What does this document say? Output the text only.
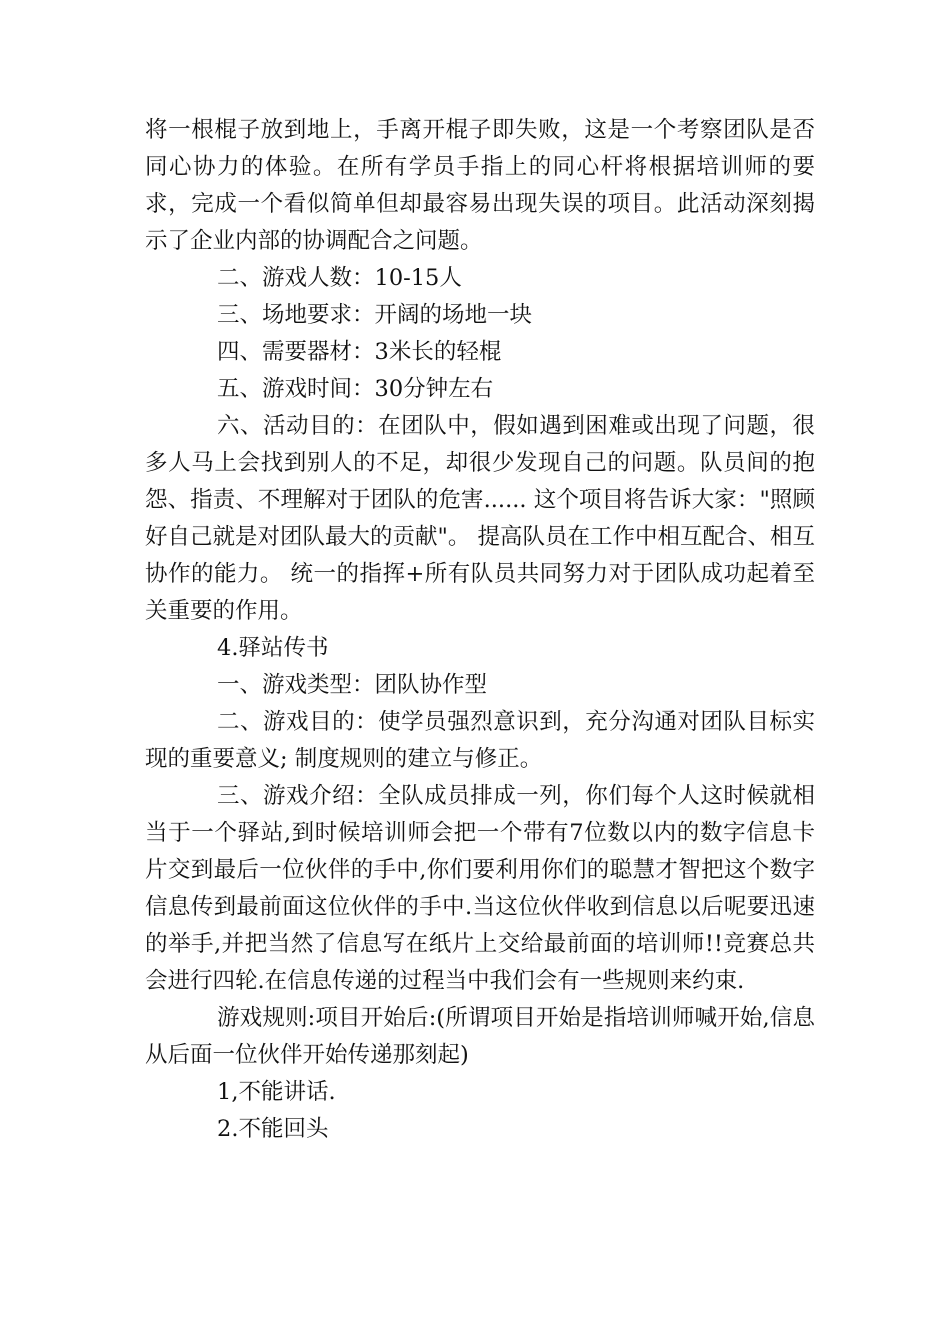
将一根棍子放到地上，手离开棍子即失败，这是一个考察团队是否同心协力的体验。在所有学员手指上的同心杆将根据培训师的要求，完成一个看似简单但却最容易出现失误的项目。此活动深刻揭示了企业内部的协调配合之问题。

二、游戏人数：10-15人

三、场地要求：开阔的场地一块

四、需要器材：3米长的轻棍

五、游戏时间：30分钟左右

六、活动目的：在团队中，假如遇到困难或出现了问题，很多人马上会找到别人的不足，却很少发现自己的问题。队员间的抱怨、指责、不理解对于团队的危害...... 这个项目将告诉大家："照顾好自己就是对团队最大的贡献"。 提高队员在工作中相互配合、相互协作的能力。 统一的指挥+所有队员共同努力对于团队成功起着至关重要的作用。

4.驿站传书

一、游戏类型：团队协作型

二、游戏目的：使学员强烈意识到，充分沟通对团队目标实现的重要意义; 制度规则的建立与修正。

三、游戏介绍：全队成员排成一列，你们每个人这时候就相当于一个驿站,到时候培训师会把一个带有7位数以内的数字信息卡片交到最后一位伙伴的手中,你们要利用你们的聪慧才智把这个数字信息传到最前面这位伙伴的手中.当这位伙伴收到信息以后呢要迅速的举手,并把当然了信息写在纸片上交给最前面的培训师!!竞赛总共会进行四轮.在信息传递的过程当中我们会有一些规则来约束.

游戏规则:项目开始后:(所谓项目开始是指培训师喊开始,信息从后面一位伙伴开始传递那刻起)

1,不能讲话.

2.不能回头
